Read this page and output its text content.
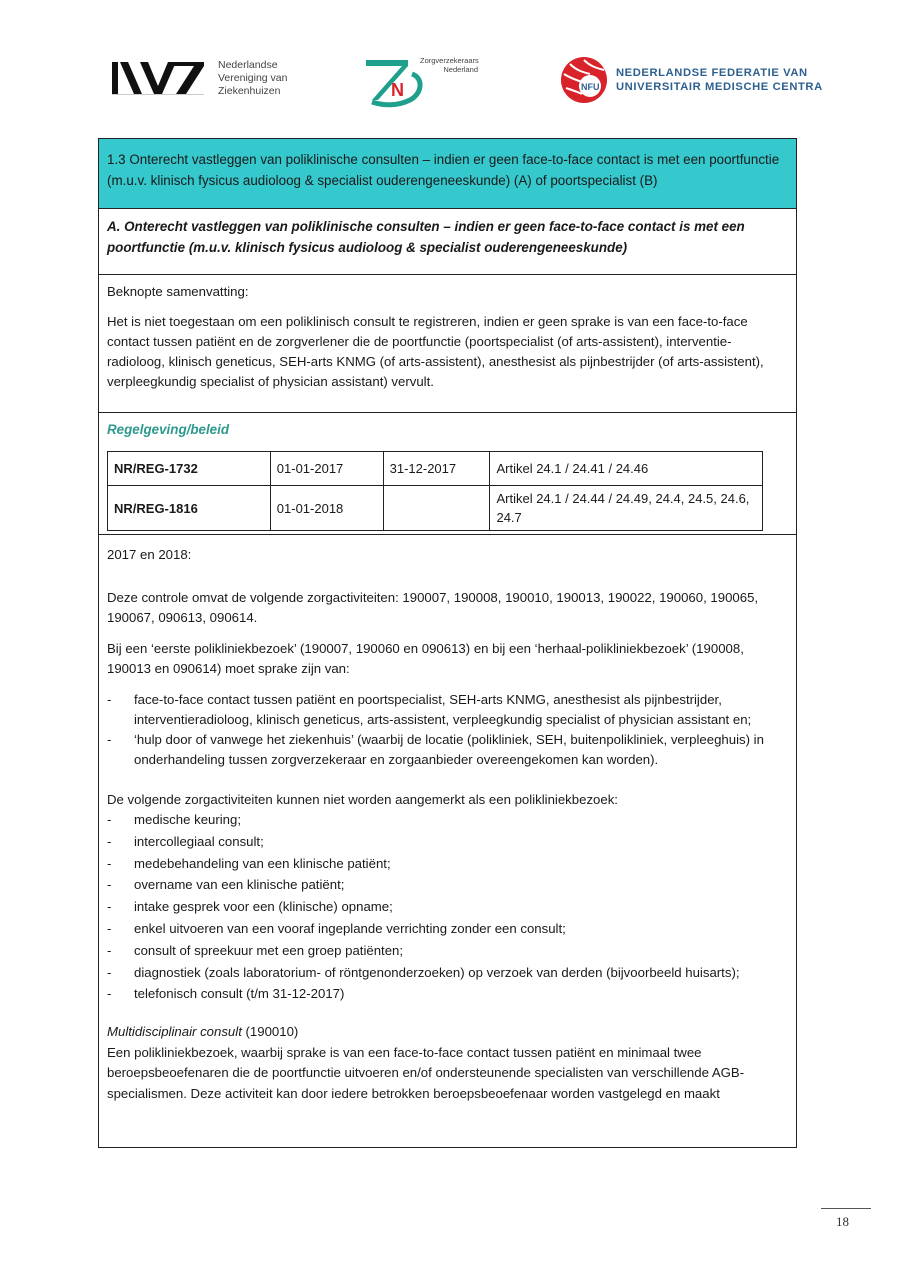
Nederlandse
Vereniging van
Ziekenhuizen	N
Zorgverzekeraars
Nederland
NFU
NEDERLANDSE FEDERATIE VAN
UNIVERSITAIR MEDISCHE CENTRA
1.3 Onterecht vastleggen van poliklinische consulten – indien er geen face-to-face contact is met een poortfunctie (m.u.v. klinisch fysicus audioloog & specialist ouderengeneeskunde) (A) of poortspecialist (B)
A. Onterecht vastleggen van poliklinische consulten – indien er geen face-to-face contact is met een poortfunctie (m.u.v. klinisch fysicus audioloog & specialist ouderengeneeskunde)
Beknopte samenvatting:
Het is niet toegestaan om een poliklinisch consult te registreren, indien er geen sprake is van een face-to-face contact tussen patiënt en de zorgverlener die de poortfunctie (poortspecialist (of arts-assistent), interventie-radioloog, klinisch geneticus, SEH-arts KNMG (of arts-assistent), anesthesist als pijnbestrijder (of arts-assistent), verpleegkundig specialist of physician assistant) vervult.
Regelgeving/beleid
NR/REG-1732	01-01-2017	31-12-2017	Artikel 24.1 / 24.41 / 24.46
NR/REG-1816	01-01-2018		Artikel 24.1 / 24.44 / 24.49, 24.4, 24.5, 24.6, 24.7

2017 en 2018:

Deze controle omvat de volgende zorgactiviteiten: 190007, 190008, 190010, 190013, 190022, 190060, 190065, 190067, 090613, 090614.

Bij een ‘eerste polikliniekbezoek’ (190007, 190060 en 090613) en bij een ‘herhaal-polikliniekbezoek’ (190008, 190013 en 090614) moet sprake zijn van:

- face-to-face contact tussen patiënt en poortspecialist, SEH-arts KNMG, anesthesist als pijnbestrijder, interventieradioloog, klinisch geneticus, arts-assistent, verpleegkundig specialist of physician assistant en;
- ‘hulp door of vanwege het ziekenhuis’ (waarbij de locatie (polikliniek, SEH, buitenpolikliniek, verpleeghuis) in onderhandeling tussen zorgverzekeraar en zorgaanbieder overeengekomen kan worden).

De volgende zorgactiviteiten kunnen niet worden aangemerkt als een polikliniekbezoek:

- medische keuring;
- intercollegiaal consult;
- medebehandeling van een klinische patiënt;
- overname van een klinische patiënt;
- intake gesprek voor een (klinische) opname;
- enkel uitvoeren van een vooraf ingeplande verrichting zonder een consult;
- consult of spreekuur met een groep patiënten;
- diagnostiek (zoals laboratorium- of röntgenonderzoeken) op verzoek van derden (bijvoorbeeld huisarts);
- telefonisch consult (t/m 31-12-2017)

Multidisciplinair consult (190010)

Een polikliniekbezoek, waarbij sprake is van een face-to-face contact tussen patiënt en minimaal twee beroepsbeoefenaren die de poortfunctie uitvoeren en/of ondersteunende specialisten van verschillende AGB-specialismen. Deze activiteit kan door iedere betrokken beroepsbeoefenaar worden vastgelegd en maakt

18
